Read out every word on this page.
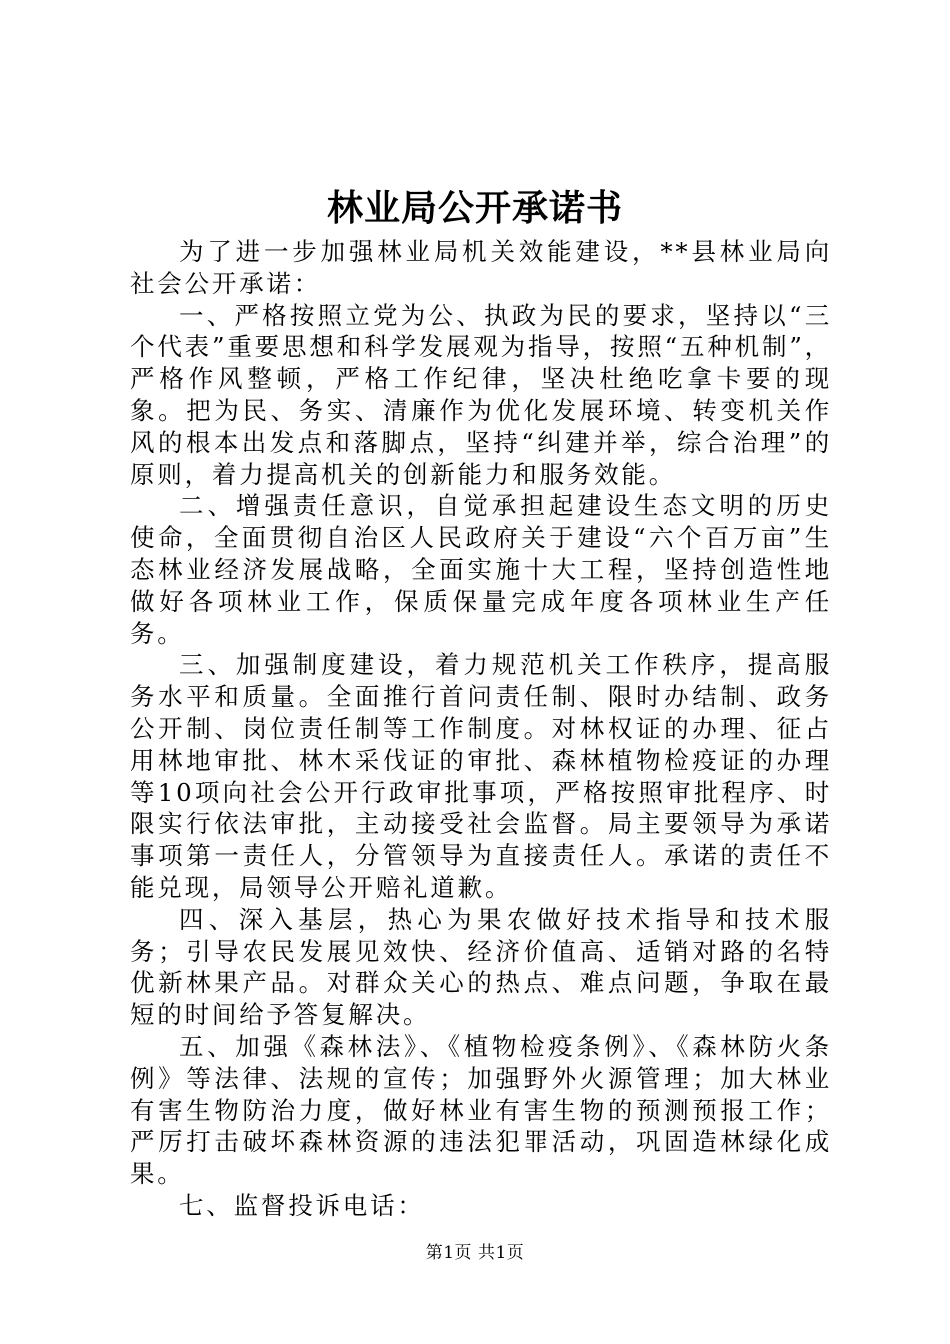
林业局公开承诺书

为了进一步加强林业局机关效能建设，**县林业局向社会公开承诺：

一、严格按照立党为公、执政为民的要求，坚持以“三个代表”重要思想和科学发展观为指导，按照“五种机制”，严格作风整顿，严格工作纪律，坚决杜绝吃拿卡要的现象。把为民、务实、清廉作为优化发展环境、转变机关作风的根本出发点和落脚点，坚持“纠建并举，综合治理”的原则，着力提高机关的创新能力和服务效能。

二、增强责任意识，自觉承担起建设生态文明的历史使命，全面贯彻自治区人民政府关于建设“六个百万亩”生态林业经济发展战略，全面实施十大工程，坚持创造性地做好各项林业工作，保质保量完成年度各项林业生产任务。

三、加强制度建设，着力规范机关工作秩序，提高服务水平和质量。全面推行首问责任制、限时办结制、政务公开制、岗位责任制等工作制度。对林权证的办理、征占用林地审批、林木采伐证的审批、森林植物检疫证的办理等10项向社会公开行政审批事项，严格按照审批程序、时限实行依法审批，主动接受社会监督。局主要领导为承诺事项第一责任人，分管领导为直接责任人。承诺的责任不能兑现，局领导公开赔礼道歉。

四、深入基层，热心为果农做好技术指导和技术服务；引导农民发展见效快、经济价值高、适销对路的名特优新林果产品。对群众关心的热点、难点问题，争取在最短的时间给予答复解决。

五、加强《森林法》、《植物检疫条例》、《森林防火条例》等法律、法规的宣传；加强野外火源管理；加大林业有害生物防治力度，做好林业有害生物的预测预报工作；严厉打击破坏森林资源的违法犯罪活动，巩固造林绿化成果。

七、监督投诉电话：

第1页 共1页
